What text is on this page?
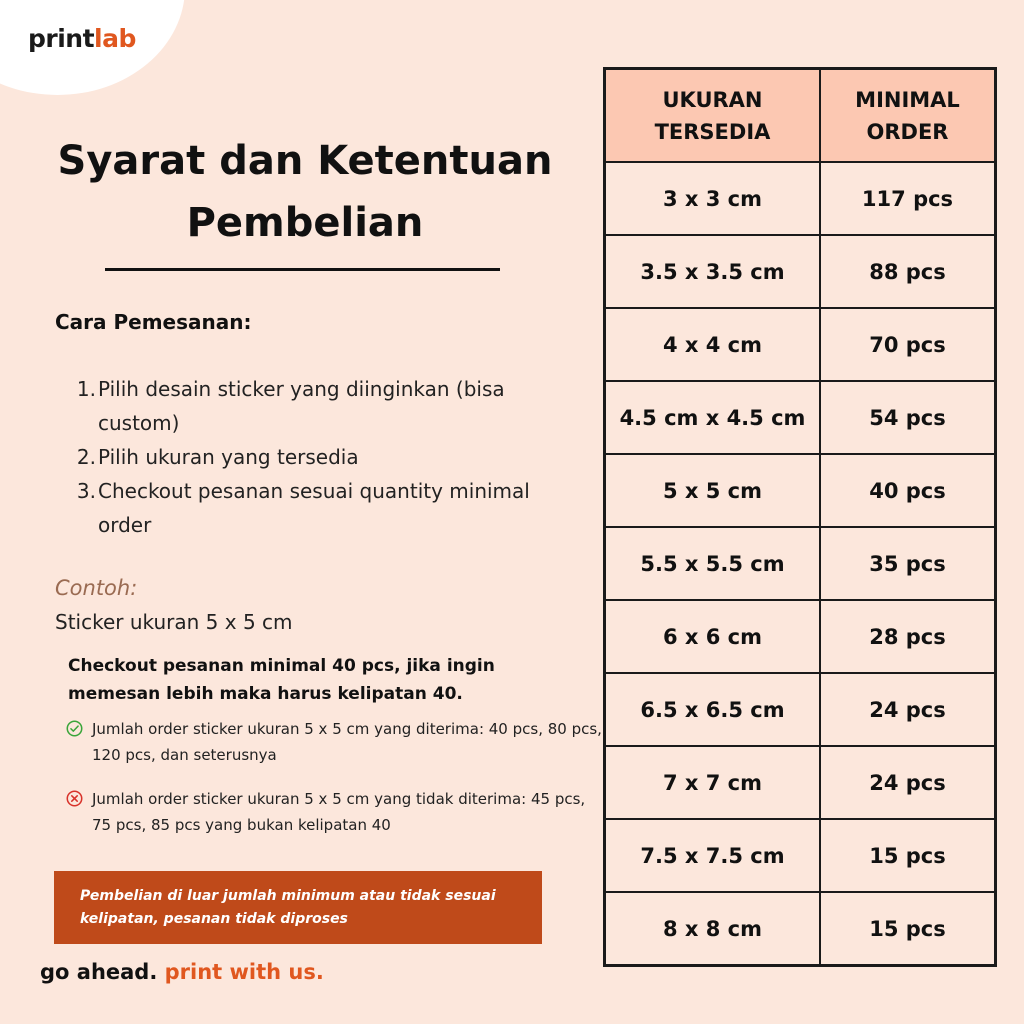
printlab
Syarat dan Ketentuan
Pembelian
Cara Pemesanan:
1. Pilih desain sticker yang diinginkan (bisa custom)
2. Pilih ukuran yang tersedia
3. Checkout pesanan sesuai quantity minimal order
Contoh:
Sticker ukuran 5 x 5 cm
Checkout pesanan minimal 40 pcs, jika ingin memesan lebih maka harus kelipatan 40.
Jumlah order sticker ukuran 5 x 5 cm yang diterima: 40 pcs, 80 pcs, 120 pcs, dan seterusnya
Jumlah order sticker ukuran 5 x 5 cm yang tidak diterima: 45 pcs, 75 pcs, 85 pcs yang bukan kelipatan 40
Pembelian di luar jumlah minimum atau tidak sesuai kelipatan, pesanan tidak diproses
go ahead. print with us.
UKURAN TERSEDIA	MINIMAL ORDER
3 x 3 cm	117 pcs
3.5 x 3.5 cm	88 pcs
4 x 4 cm	70 pcs
4.5 cm x 4.5 cm	54 pcs
5 x 5 cm	40 pcs
5.5 x 5.5 cm	35 pcs
6 x 6 cm	28 pcs
6.5 x 6.5 cm	24 pcs
7 x 7 cm	24 pcs
7.5 x 7.5 cm	15 pcs
8 x 8 cm	15 pcs
